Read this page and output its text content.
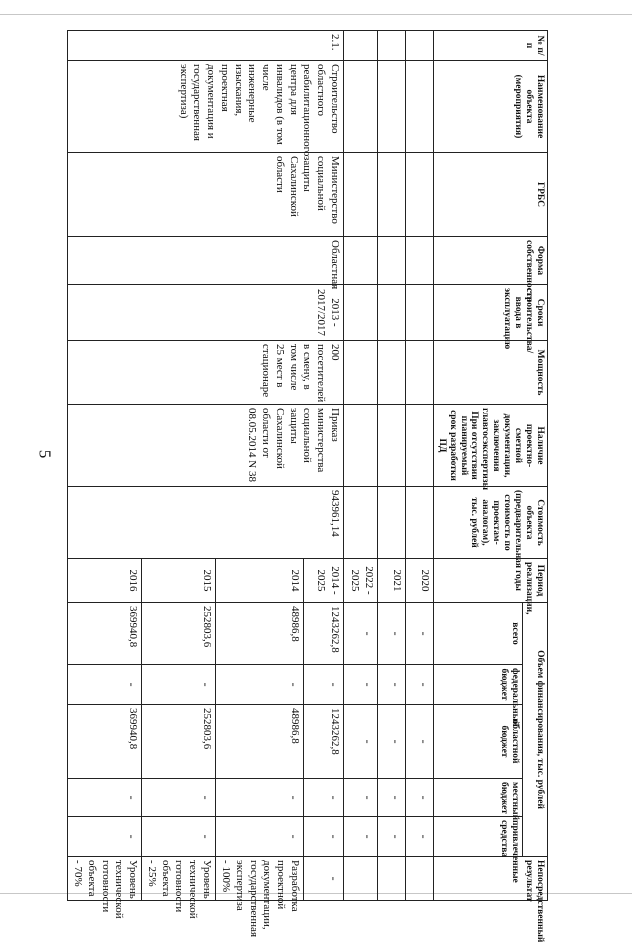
5
№ п/п	Наименование объекта (мероприятия)	ГРБС	Форма собственности	Сроки строительства/ввода в эксплуатацию	Мощность	Наличие проектно-сметной документации, заключения главгосэкспертизы При отсутствии планируемый срок разработки ПД	Стоимость объекта (предварительная стоимость по проектам-аналогам), тыс. рублей	Период реализации, годы	Объем финансирования, тыс. рублей					Непосредственный результат
									всего	федеральный бюджет	областной бюджет	местный бюджет	привлеченные средства	
								2020	-	-	-	-	-	
								2021	-	-	-	-	-	
								2022 - 2025	-	-	-	-	-	
2.1.	Строительство областного реабилитационного центра для инвалидов (в том числе инженерные изыскания, проектная документация и государственная экспертиза)	Министерство социальной защиты Сахалинской области	Областная	2013 - 2017/2017	200 посетителей в смену, в том числе 25 мест в стационаре	Приказ министерства социальной защиты Сахалинской области от 08.05.2014 N 38	943961,14	2014 - 2025	1243262,8	-	1243262,8	-	-	-
								2014	48986,8	-	48986,8	-	-	Разработка проектной документации, государственная экспертиза - 100%
								2015	252803,6	-	252803,6	-	-	Уровень технической готовности объекта - 25%
								2016	369940,8	-	369940,8	-	-	Уровень технической готовности объекта - 70%
